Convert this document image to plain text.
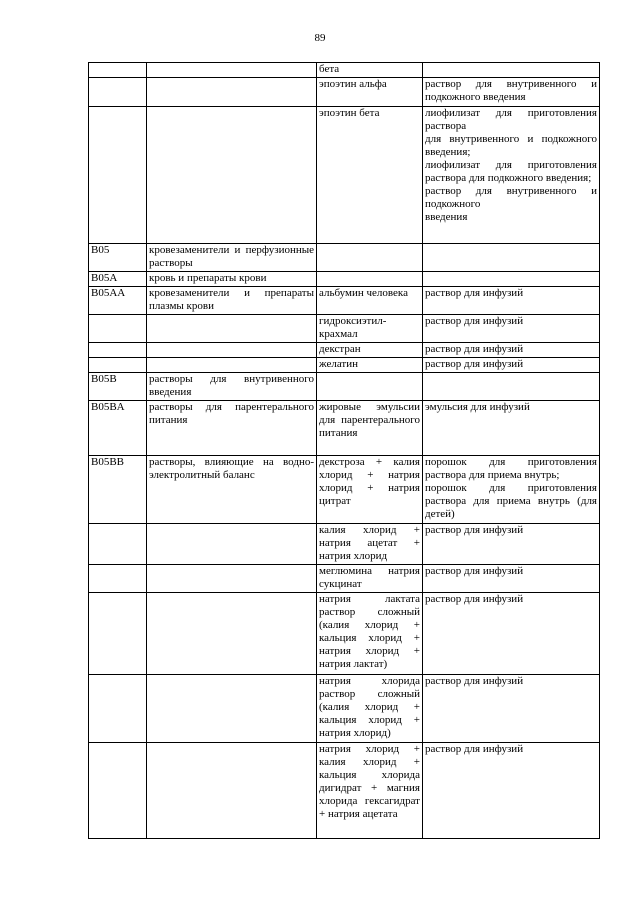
89
		бета	
		эпоэтин альфа	раствор для внутривенного и подкожного введения
		эпоэтин бета	лиофилизат для приготовления раствора
для внутривенного и подкожного введения;
лиофилизат для приготовления раствора для подкожного введения;
раствор для внутривенного и подкожного
введения

B05	кровезаменители и перфузионные растворы		
B05A	кровь и препараты крови		
B05AA	кровезаменители и препараты плазмы крови	альбумин человека	раствор для инфузий

		гидроксиэтил-
крахмал	раствор для инфузий
		декстран	раствор для инфузий
		желатин	раствор для инфузий
B05B	растворы для внутривенного введения		
B05BA	растворы для парентерального питания	жировые эмульсии для парентерального питания	эмульсия для инфузий
B05BB	растворы, влияющие на водно-электролитный баланс	декстроза + калия хлорид + натрия хлорид + натрия цитрат	порошок для приготовления раствора для приема внутрь;
порошок для приготовления раствора для приема внутрь (для детей)

		калия хлорид + натрия ацетат + натрия хлорид	раствор для инфузий
		меглюмина натрия сукцинат	раствор для инфузий
		натрия лактата раствор сложный (калия хлорид + кальция хлорид + натрия хлорид + натрия лактат)	раствор для инфузий
		натрия хлорида раствор сложный (калия хлорид + кальция хлорид + натрия хлорид)	раствор для инфузий
		натрия хлорид + калия хлорид + кальция хлорида дигидрат + магния хлорида гексагидрат + натрия ацетата	раствор для инфузий
